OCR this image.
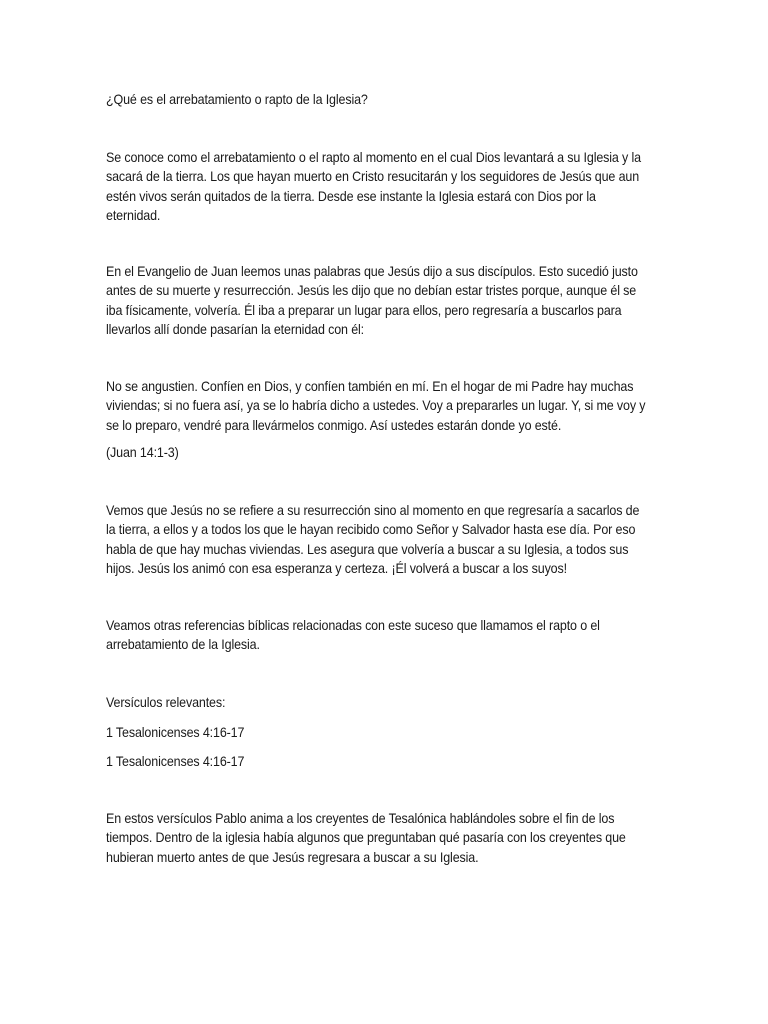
¿Qué es el arrebatamiento o rapto de la Iglesia?

Se conoce como el arrebatamiento o el rapto al momento en el cual Dios levantará a su Iglesia y la
sacará de la tierra. Los que hayan muerto en Cristo resucitarán y los seguidores de Jesús que aun
estén vivos serán quitados de la tierra. Desde ese instante la Iglesia estará con Dios por la
eternidad.

En el Evangelio de Juan leemos unas palabras que Jesús dijo a sus discípulos. Esto sucedió justo
antes de su muerte y resurrección. Jesús les dijo que no debían estar tristes porque, aunque él se
iba físicamente, volvería. Él iba a preparar un lugar para ellos, pero regresaría a buscarlos para
llevarlos allí donde pasarían la eternidad con él:

No se angustien. Confíen en Dios, y confíen también en mí. En el hogar de mi Padre hay muchas
viviendas; si no fuera así, ya se lo habría dicho a ustedes. Voy a prepararles un lugar. Y, si me voy y
se lo preparo, vendré para llevármelos conmigo. Así ustedes estarán donde yo esté.

(Juan 14:1-3)

Vemos que Jesús no se refiere a su resurrección sino al momento en que regresaría a sacarlos de
la tierra, a ellos y a todos los que le hayan recibido como Señor y Salvador hasta ese día. Por eso
habla de que hay muchas viviendas. Les asegura que volvería a buscar a su Iglesia, a todos sus
hijos. Jesús los animó con esa esperanza y certeza. ¡Él volverá a buscar a los suyos!

Veamos otras referencias bíblicas relacionadas con este suceso que llamamos el rapto o el
arrebatamiento de la Iglesia.

Versículos relevantes:

1 Tesalonicenses 4:16-17

1 Tesalonicenses 4:16-17

En estos versículos Pablo anima a los creyentes de Tesalónica hablándoles sobre el fin de los
tiempos. Dentro de la iglesia había algunos que preguntaban qué pasaría con los creyentes que
hubieran muerto antes de que Jesús regresara a buscar a su Iglesia.
